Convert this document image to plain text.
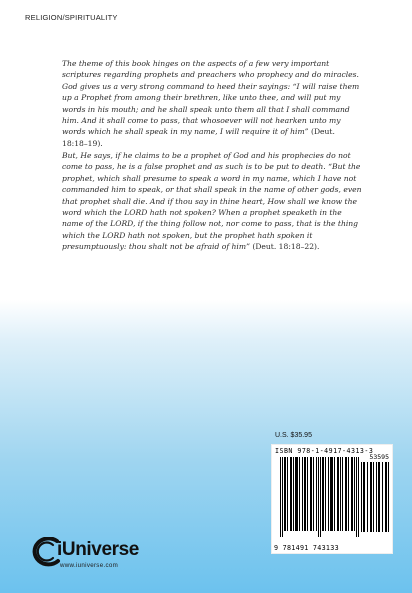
RELIGION/SPIRITUALITY

The theme of this book hinges on the aspects of a few very important scriptures regarding prophets and preachers who prophecy and do miracles. God gives us a very strong command to heed their sayings: “I will raise them up a Prophet from among their brethren, like unto thee, and will put my words in his mouth; and he shall speak unto them all that I shall command him. And it shall come to pass, that whosoever will not hearken unto my words which he shall speak in my name, I will require it of him” (Deut. 18:18–19).

But, He says, if he claims to be a prophet of God and his prophecies do not come to pass, he is a false prophet and as such is to be put to death. “But the prophet, which shall presume to speak a word in my name, which I have not commanded him to speak, or that shall speak in the name of other gods, even that prophet shall die. And if thou say in thine heart, How shall we know the word which the LORD hath not spoken? When a prophet speaketh in the name of the LORD, if the thing follow not, nor come to pass, that is the thing which the LORD hath not spoken, but the prophet hath spoken it presumptuously: thou shalt not be afraid of him” (Deut. 18:18–22).

U.S. $35.95
ISBN 978-1-4917-4313-3
53595
9 781491 743133
iUniverse
www.iuniverse.com
